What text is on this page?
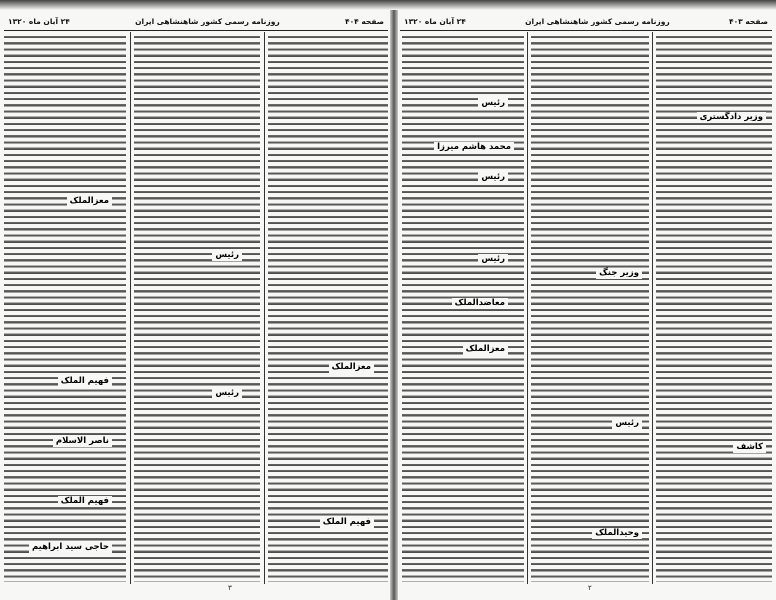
۲۴ آبان ماه ۱۳۲۰	روزنامه رسمی کشور شاهنشاهی ایران	صفحه ۴۰۴
معزالملک
فهیم الملک
ناصر الاسلام
فهیم الملک
حاجی سید ابراهیم
رئیس
معزالملک
فهیم الملک
رئیس
۳
۲۴ آبان ماه ۱۳۲۰	روزنامه رسمی کشور شاهنشاهی ایران	صفحه ۴۰۳
رئیس
محمد هاشم میرزا
رئیس
رئیس
معاضدالملک
معزالملک
وزیر جنگ
رئیس
وحیدالملک
وزیر دادگستری
کاشف
۲
